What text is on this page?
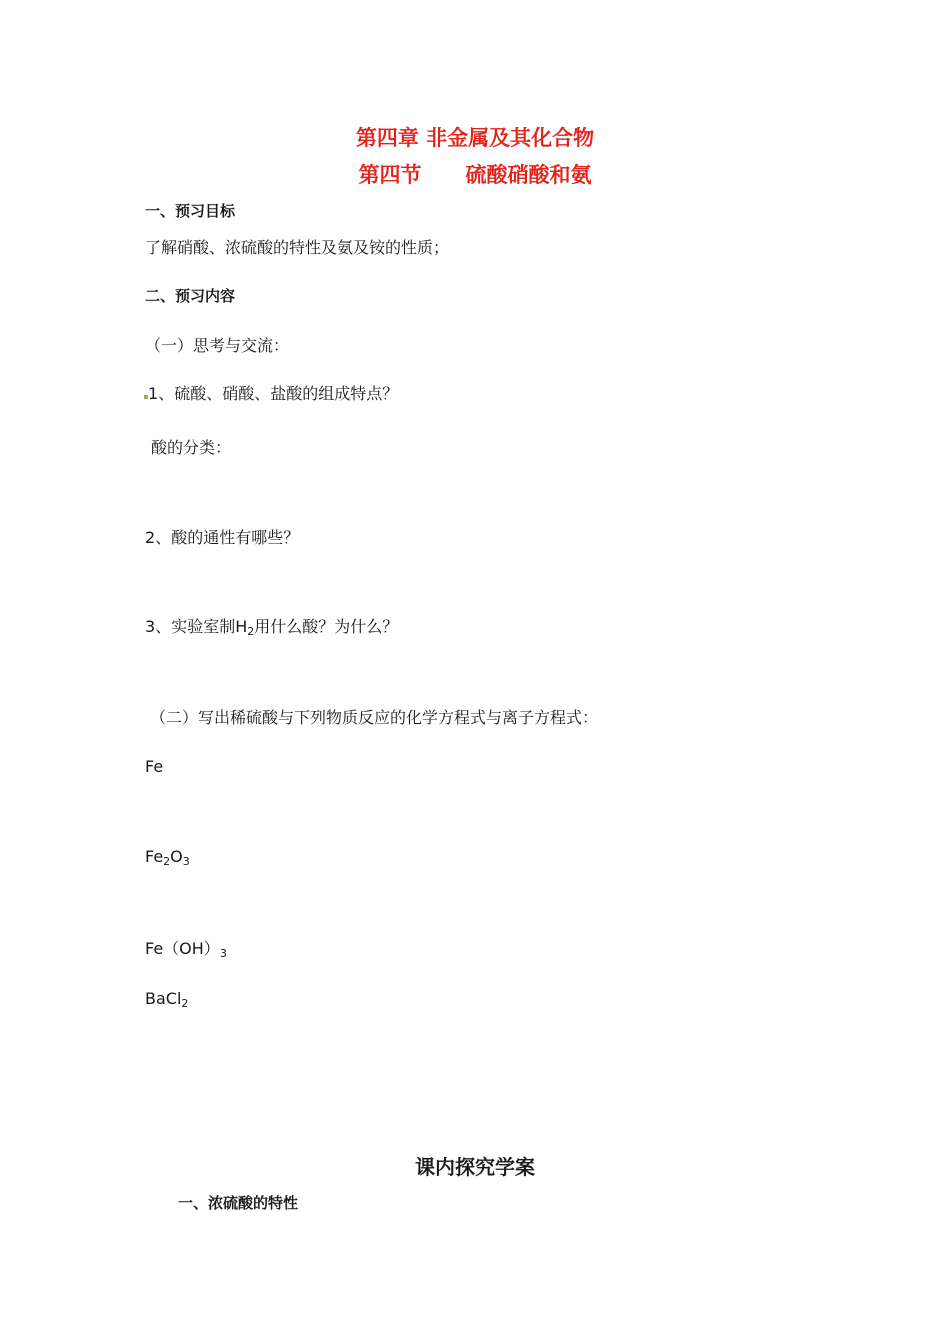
第四章 非金属及其化合物
第四节 硫酸硝酸和氨
一、预习目标
了解硝酸、浓硫酸的特性及氨及铵的性质；
二、预习内容
（一）思考与交流：
1、硫酸、硝酸、盐酸的组成特点？
酸的分类：
2、酸的通性有哪些？
3、实验室制$H_2$用什么酸？为什么？
（二）写出稀硫酸与下列物质反应的化学方程式与离子方程式：
Fe
$Fe_2O_3$
$Fe(OH)_3$
BaCl$_2$
课内探究学案
一、浓硫酸的特性
